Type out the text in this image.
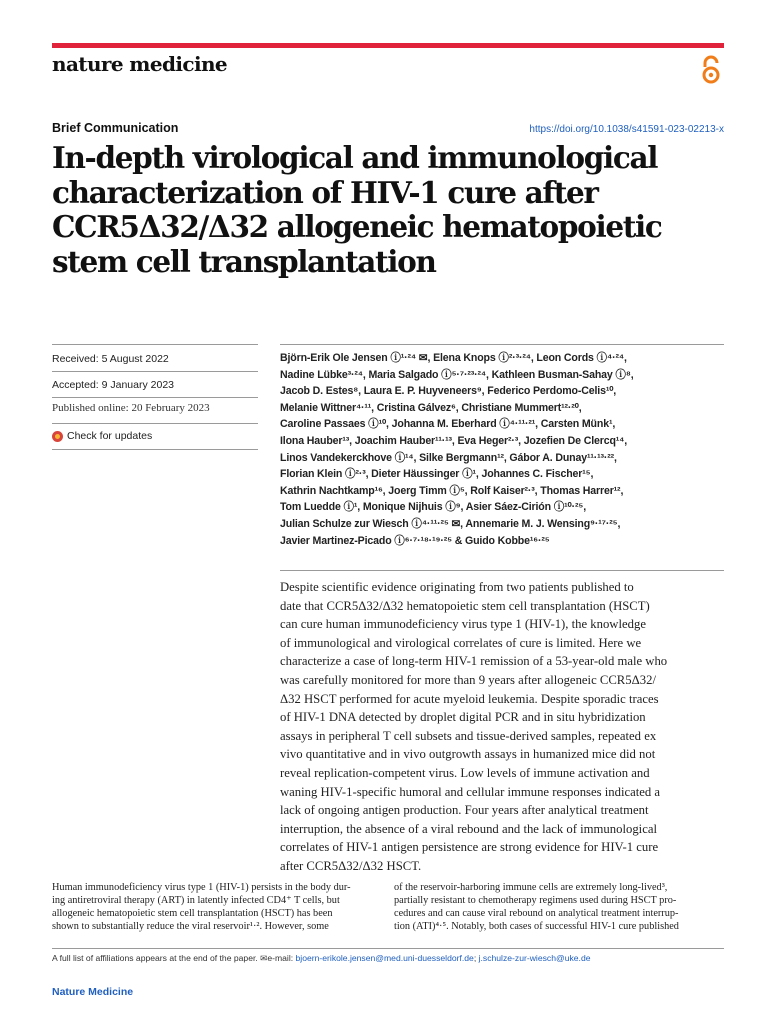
nature medicine
Brief Communication	https://doi.org/10.1038/s41591-023-02213-x
In-depth virological and immunological
characterization of HIV-1 cure after
CCR5Δ32/Δ32 allogeneic hematopoietic
stem cell transplantation
Received: 5 August 2022
Accepted: 9 January 2023
Published online: 20 February 2023
Check for updates
Björn-Erik Ole Jensen ⓘ¹·²⁴ ✉, Elena Knops ⓘ²·³·²⁴, Leon Cords ⓘ⁴·²⁴,
Nadine Lübke³·²⁴, Maria Salgado ⓘ⁵·⁷·²³·²⁴, Kathleen Busman-Sahay ⓘ⁸,
Jacob D. Estes⁸, Laura E. P. Huyveneers⁹, Federico Perdomo-Celis¹⁰,
Melanie Wittner⁴·¹¹, Cristina Gálvez⁶, Christiane Mummert¹²·²⁰,
Caroline Passaes ⓘ¹⁰, Johanna M. Eberhard ⓘ⁴·¹¹·²¹, Carsten Münk¹,
Ilona Hauber¹³, Joachim Hauber¹¹·¹³, Eva Heger²·³, Jozefien De Clercq¹⁴,
Linos Vandekerckhove ⓘ¹⁴, Silke Bergmann¹², Gábor A. Dunay¹¹·¹³·²²,
Florian Klein ⓘ²·³, Dieter Häussinger ⓘ¹, Johannes C. Fischer¹⁵,
Kathrin Nachtkamp¹⁶, Joerg Timm ⓘ⁵, Rolf Kaiser²·³, Thomas Harrer¹²,
Tom Luedde ⓘ¹, Monique Nijhuis ⓘ⁹, Asier Sáez-Cirión ⓘ¹⁰·²⁵,
Julian Schulze zur Wiesch ⓘ⁴·¹¹·²⁵ ✉, Annemarie M. J. Wensing⁹·¹⁷·²⁵,
Javier Martinez-Picado ⓘ⁶·⁷·¹⁸·¹⁹·²⁵ & Guido Kobbe¹⁶·²⁵
Despite scientific evidence originating from two patients published to
date that CCR5Δ32/Δ32 hematopoietic stem cell transplantation (HSCT)
can cure human immunodeficiency virus type 1 (HIV-1), the knowledge
of immunological and virological correlates of cure is limited. Here we
characterize a case of long-term HIV-1 remission of a 53-year-old male who
was carefully monitored for more than 9 years after allogeneic CCR5Δ32/
Δ32 HSCT performed for acute myeloid leukemia. Despite sporadic traces
of HIV-1 DNA detected by droplet digital PCR and in situ hybridization
assays in peripheral T cell subsets and tissue-derived samples, repeated ex
vivo quantitative and in vivo outgrowth assays in humanized mice did not
reveal replication-competent virus. Low levels of immune activation and
waning HIV-1-specific humoral and cellular immune responses indicated a
lack of ongoing antigen production. Four years after analytical treatment
interruption, the absence of a viral rebound and the lack of immunological
correlates of HIV-1 antigen persistence are strong evidence for HIV-1 cure
after CCR5Δ32/Δ32 HSCT.
Human immunodeficiency virus type 1 (HIV-1) persists in the body dur-
ing antiretroviral therapy (ART) in latently infected CD4⁺ T cells, but
allogeneic hematopoietic stem cell transplantation (HSCT) has been
shown to substantially reduce the viral reservoir¹·². However, some
of the reservoir-harboring immune cells are extremely long-lived³,
partially resistant to chemotherapy regimens used during HSCT pro-
cedures and can cause viral rebound on analytical treatment interrup-
tion (ATI)⁴·⁵. Notably, both cases of successful HIV-1 cure published
A full list of affiliations appears at the end of the paper. ✉e-mail: bjoern-erikole.jensen@med.uni-duesseldorf.de; j.schulze-zur-wiesch@uke.de
Nature Medicine
